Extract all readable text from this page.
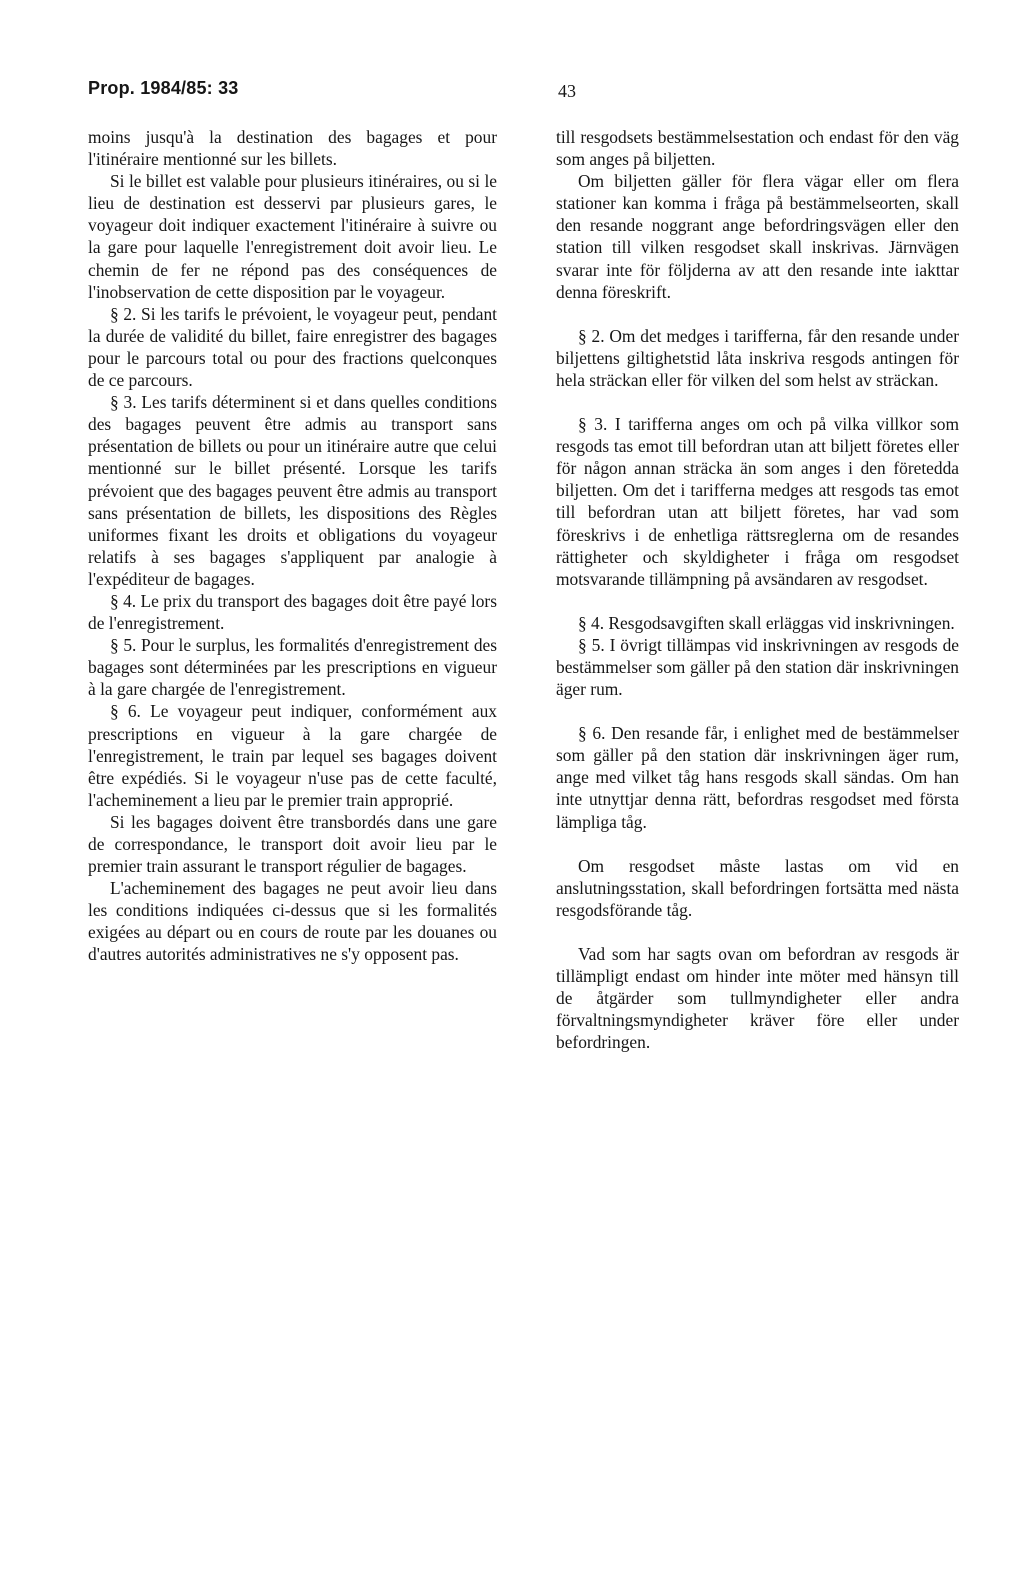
Prop. 1984/85: 33	43

moins jusqu'à la destination des bagages et pour l'itinéraire mentionné sur les billets.

Si le billet est valable pour plusieurs itinéraires, ou si le lieu de destination est desservi par plusieurs gares, le voyageur doit indiquer exactement l'itinéraire à suivre ou la gare pour laquelle l'enregistrement doit avoir lieu. Le chemin de fer ne répond pas des conséquences de l'inobservation de cette disposition par le voyageur.

§ 2. Si les tarifs le prévoient, le voyageur peut, pendant la durée de validité du billet, faire enregistrer des bagages pour le parcours total ou pour des fractions quelconques de ce parcours.

§ 3. Les tarifs déterminent si et dans quelles conditions des bagages peuvent être admis au transport sans présentation de billets ou pour un itinéraire autre que celui mentionné sur le billet présenté. Lorsque les tarifs prévoient que des bagages peuvent être admis au transport sans présentation de billets, les dispositions des Règles uniformes fixant les droits et obligations du voyageur relatifs à ses bagages s'appliquent par analogie à l'expéditeur de bagages.

§ 4. Le prix du transport des bagages doit être payé lors de l'enregistrement.

§ 5. Pour le surplus, les formalités d'enregistrement des bagages sont déterminées par les prescriptions en vigueur à la gare chargée de l'enregistrement.

§ 6. Le voyageur peut indiquer, conformément aux prescriptions en vigueur à la gare chargée de l'enregistrement, le train par lequel ses bagages doivent être expédiés. Si le voyageur n'use pas de cette faculté, l'acheminement a lieu par le premier train approprié.

Si les bagages doivent être transbordés dans une gare de correspondance, le transport doit avoir lieu par le premier train assurant le transport régulier de bagages.

L'acheminement des bagages ne peut avoir lieu dans les conditions indiquées ci-dessus que si les formalités exigées au départ ou en cours de route par les douanes ou d'autres autorités administratives ne s'y opposent pas.

till resgodsets bestämmelsestation och endast för den väg som anges på biljetten.

Om biljetten gäller för flera vägar eller om flera stationer kan komma i fråga på bestämmelseorten, skall den resande noggrant ange befordringsvägen eller den station till vilken resgodset skall inskrivas. Järnvägen svarar inte för följderna av att den resande inte iakttar denna föreskrift.

§ 2. Om det medges i tarifferna, får den resande under biljettens giltighetstid låta inskriva resgods antingen för hela sträckan eller för vilken del som helst av sträckan.

§ 3. I tarifferna anges om och på vilka villkor som resgods tas emot till befordran utan att biljett företes eller för någon annan sträcka än som anges i den företedda biljetten. Om det i tarifferna medges att resgods tas emot till befordran utan att biljett företes, har vad som föreskrivs i de enhetliga rättsreglerna om de resandes rättigheter och skyldigheter i fråga om resgodset motsvarande tillämpning på avsändaren av resgodset.

§ 4. Resgodsavgiften skall erläggas vid inskrivningen.

§ 5. I övrigt tillämpas vid inskrivningen av resgods de bestämmelser som gäller på den station där inskrivningen äger rum.

§ 6. Den resande får, i enlighet med de bestämmelser som gäller på den station där inskrivningen äger rum, ange med vilket tåg hans resgods skall sändas. Om han inte utnyttjar denna rätt, befordras resgodset med första lämpliga tåg.

Om resgodset måste lastas om vid en anslutningsstation, skall befordringen fortsätta med nästa resgodsförande tåg.

Vad som har sagts ovan om befordran av resgods är tillämpligt endast om hinder inte möter med hänsyn till de åtgärder som tullmyndigheter eller andra förvaltningsmyndigheter kräver före eller under befordringen.
